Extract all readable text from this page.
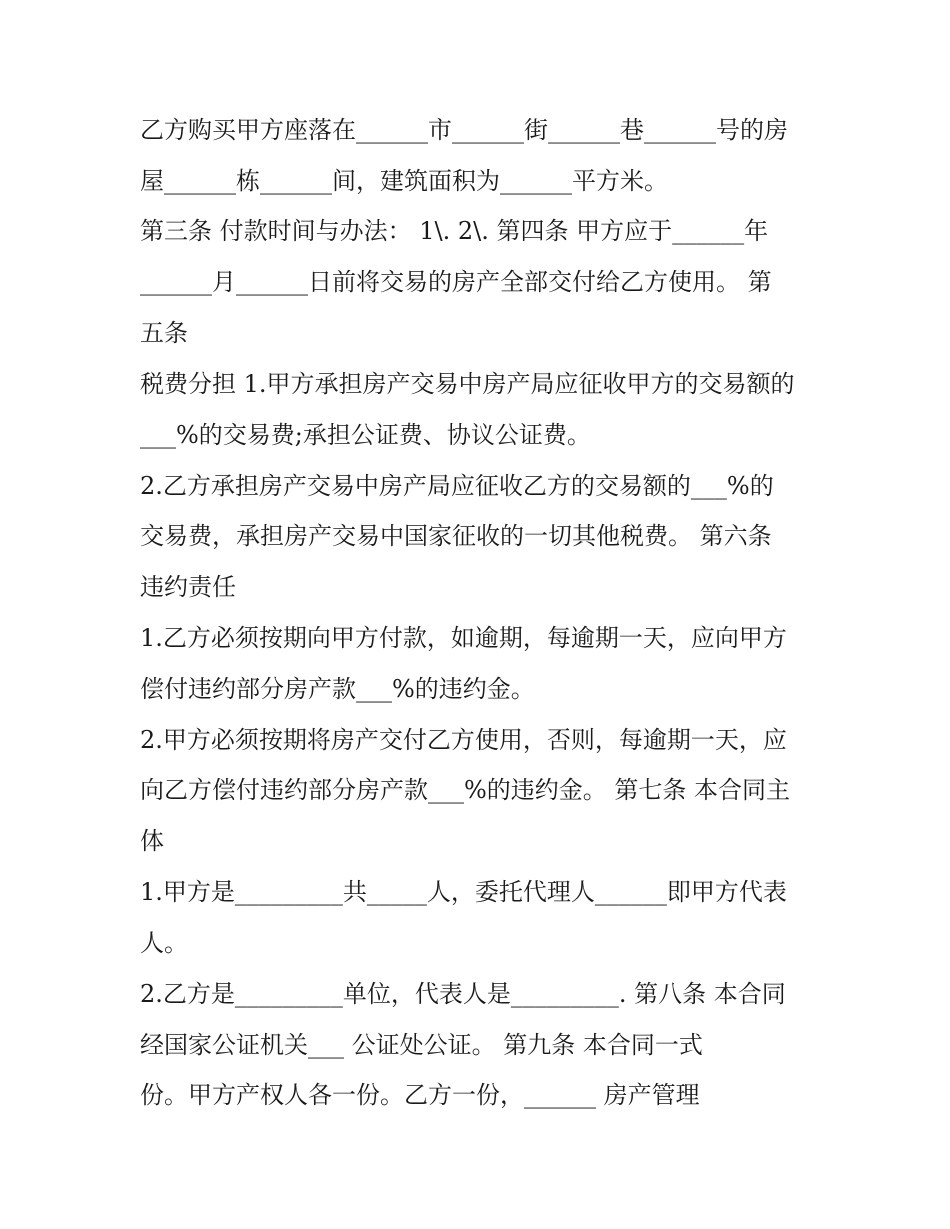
乙方购买甲方座落在______市______街______巷______号的房

屋______栋______间，建筑面积为______平方米。

第三条 付款时间与办法： 1\. 2\. 第四条 甲方应于______年

______月______日前将交易的房产全部交付给乙方使用。 第

五条

税费分担 1.甲方承担房产交易中房产局应征收甲方的交易额的

___%的交易费;承担公证费、协议公证费。

2.乙方承担房产交易中房产局应征收乙方的交易额的___%的

交易费，承担房产交易中国家征收的一切其他税费。 第六条

违约责任

1.乙方必须按期向甲方付款，如逾期，每逾期一天，应向甲方

偿付违约部分房产款___%的违约金。

2.甲方必须按期将房产交付乙方使用，否则，每逾期一天，应

向乙方偿付违约部分房产款___%的违约金。 第七条 本合同主

体

1.甲方是_________共_____人，委托代理人______即甲方代表

人。

2.乙方是_________单位，代表人是_________. 第八条 本合同

经国家公证机关___ 公证处公证。 第九条 本合同一式

份。甲方产权人各一份。乙方一份，______ 房产管理
